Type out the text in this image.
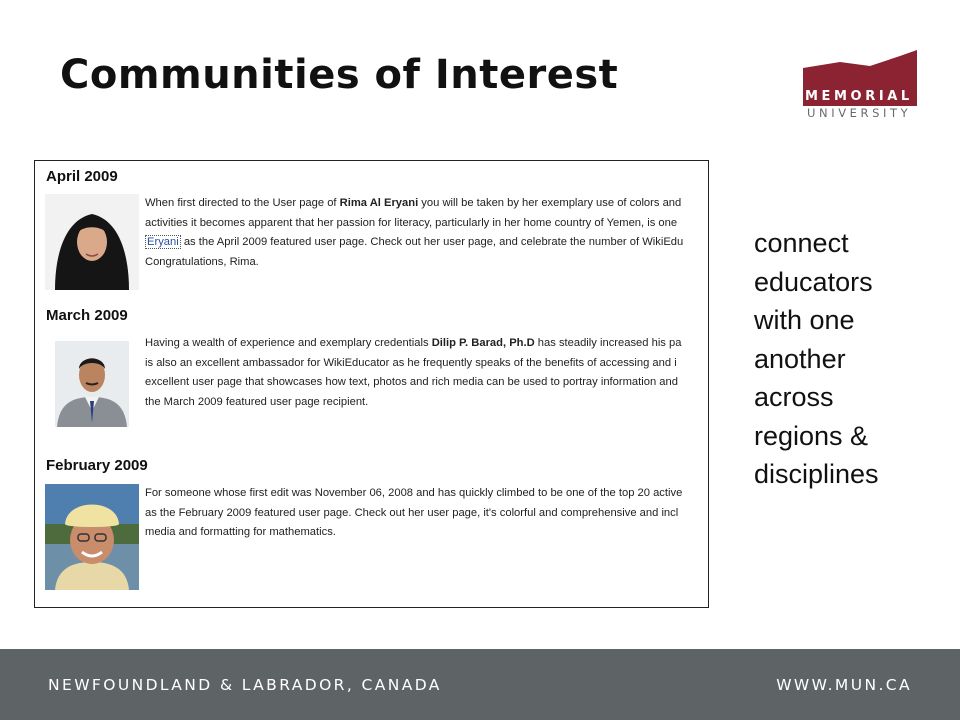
Communities of Interest	MEMORIAL
UNIVERSITY
April 2009
When first directed to the User page of Rima Al Eryani you will be taken by her exemplary use of colors and
activities it becomes apparent that her passion for literacy, particularly in her home country of Yemen, is one
Eryani as the April 2009 featured user page. Check out her user page, and celebrate the number of WikiEdu
Congratulations, Rima.
March 2009
Having a wealth of experience and exemplary credentials Dilip P. Barad, Ph.D has steadily increased his pa
is also an excellent ambassador for WikiEducator as he frequently speaks of the benefits of accessing and i
excellent user page that showcases how text, photos and rich media can be used to portray information and
the March 2009 featured user page recipient.
February 2009
For someone whose first edit was November 06, 2008 and has quickly climbed to be one of the top 20 active
as the February 2009 featured user page. Check out her user page, it's colorful and comprehensive and incl
media and formatting for mathematics.
connect
educators
with one
another
across
regions &
disciplines
NEWFOUNDLAND & LABRADOR, CANADA	WWW.MUN.CA
